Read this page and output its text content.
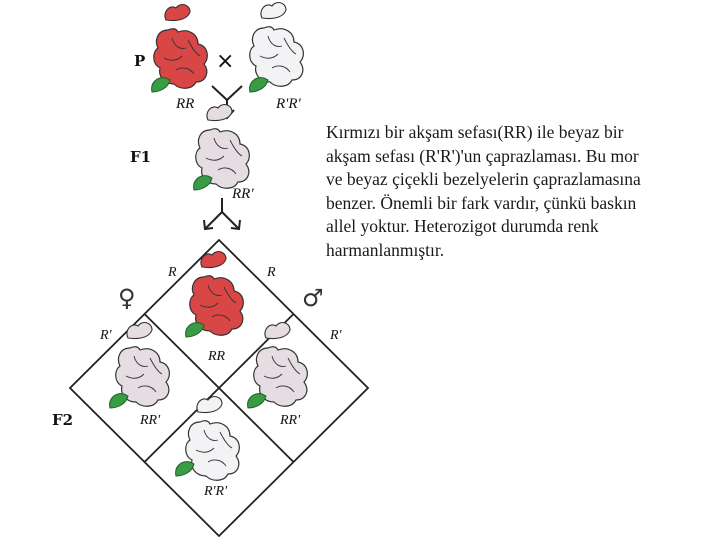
P	×
RR	R'R'
F1
RR'
♀	♂
R
R'
R
R'
F2
RR
RR'	RR'
R'R'
Kırmızı bir akşam sefası(RR) ile beyaz bir
akşam sefası (R'R')'un çaprazlaması. Bu mor
ve beyaz çiçekli bezelyelerin çaprazlamasına
benzer. Önemli bir fark vardır, çünkü baskın
allel yoktur. Heterozigot durumda renk
harmanlanmıştır.
